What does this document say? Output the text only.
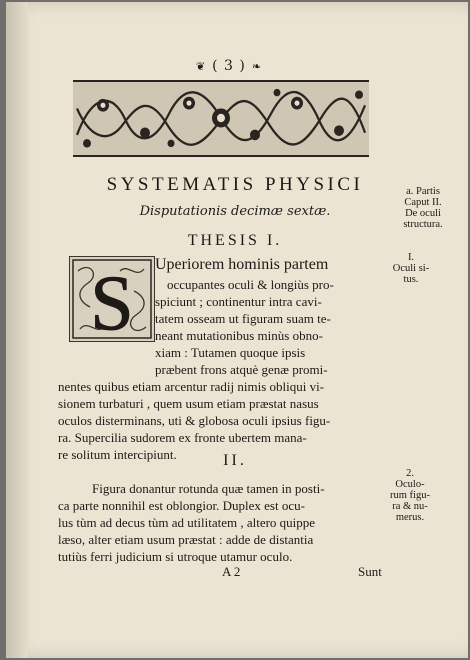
❦ ( 3 ) ❧
SYSTEMATIS PHYSICI
Disputationis decimæ sextæ.
THESIS I.
S Uperiorem hominis partem
occupantes oculi & longiùs pro-
spiciunt ; continentur intra cavi-
tatem osseam ut figuram suam te-
neant mutationibus minùs obno-
xiam : Tutamen quoque ipsis
præbent frons atquè genæ promi-
nentes quibus etiam arcentur radij nimis obliqui vi-
sionem turbaturi , quem usum etiam præstat nasus
oculos disterminans, uti & globosa oculi ipsius figu-
ra. Supercilia sudorem ex fronte ubertem mana-
re solitum intercipiunt.	II.
Figura donantur rotunda quæ tamen in posti-
ca parte nonnihil est oblongior. Duplex est ocu-
lus tùm ad decus tùm ad utilitatem , altero quippe
læso, alter etiam usum præstat : adde de distantia
tutiùs ferri judicium si utroque utamur oculo.
a. Partis
Caput II.
De oculi
structura.
I.
Oculi si-
tus.
2.
Oculo-
rum figu-
ra & nu-
merus.
A 2	Sunt
